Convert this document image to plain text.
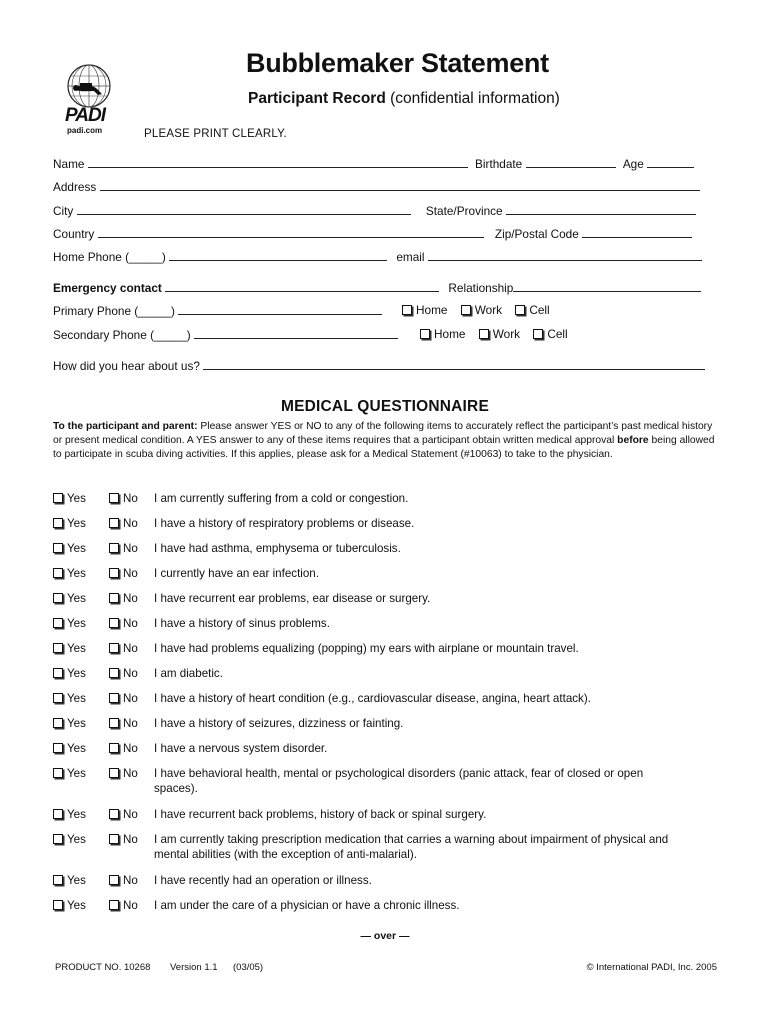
PADI
padi.com
Bubblemaker Statement
Participant Record (confidential information)
PLEASE PRINT CLEARLY.
Name	Birthdate	Age
Address
City	State/Province
Country	Zip/Postal Code
Home Phone (_____)	email
Emergency contact	Relationship
Primary Phone (_____)	Home Work Cell
Secondary Phone (_____)	Home Work Cell
How did you hear about us?
MEDICAL QUESTIONNAIRE
To the participant and parent: Please answer YES or NO to any of the following items to accurately reflect the participant’s past medical history or present medical condition. A YES answer to any of these items requires that a participant obtain written medical approval before being allowed to participate in scuba diving activities. If this applies, please ask for a Medical Statement (#10063) to take to the physician.
Yes	No I am currently suffering from a cold or congestion.
Yes	No I have a history of respiratory problems or disease.
Yes	No I have had asthma, emphysema or tuberculosis.
Yes	No I currently have an ear infection.
Yes	No I have recurrent ear problems, ear disease or surgery.
Yes	No I have a history of sinus problems.
Yes	No I have had problems equalizing (popping) my ears with airplane or mountain travel.
Yes	No I am diabetic.
Yes	No I have a history of heart condition (e.g., cardiovascular disease, angina, heart attack).
Yes	No I have a history of seizures, dizziness or fainting.
Yes	No I have a nervous system disorder.
Yes	No I have behavioral health, mental or psychological disorders (panic attack, fear of closed or open spaces).
Yes	No I have recurrent back problems, history of back or spinal surgery.
Yes	No I am currently taking prescription medication that carries a warning about impairment of physical and mental abilities (with the exception of anti-malarial).
Yes	No I have recently had an operation or illness.
Yes	No I am under the care of a physician or have a chronic illness.
— over —
PRODUCT NO. 10268 Version 1.1 (03/05)	© International PADI, Inc. 2005
